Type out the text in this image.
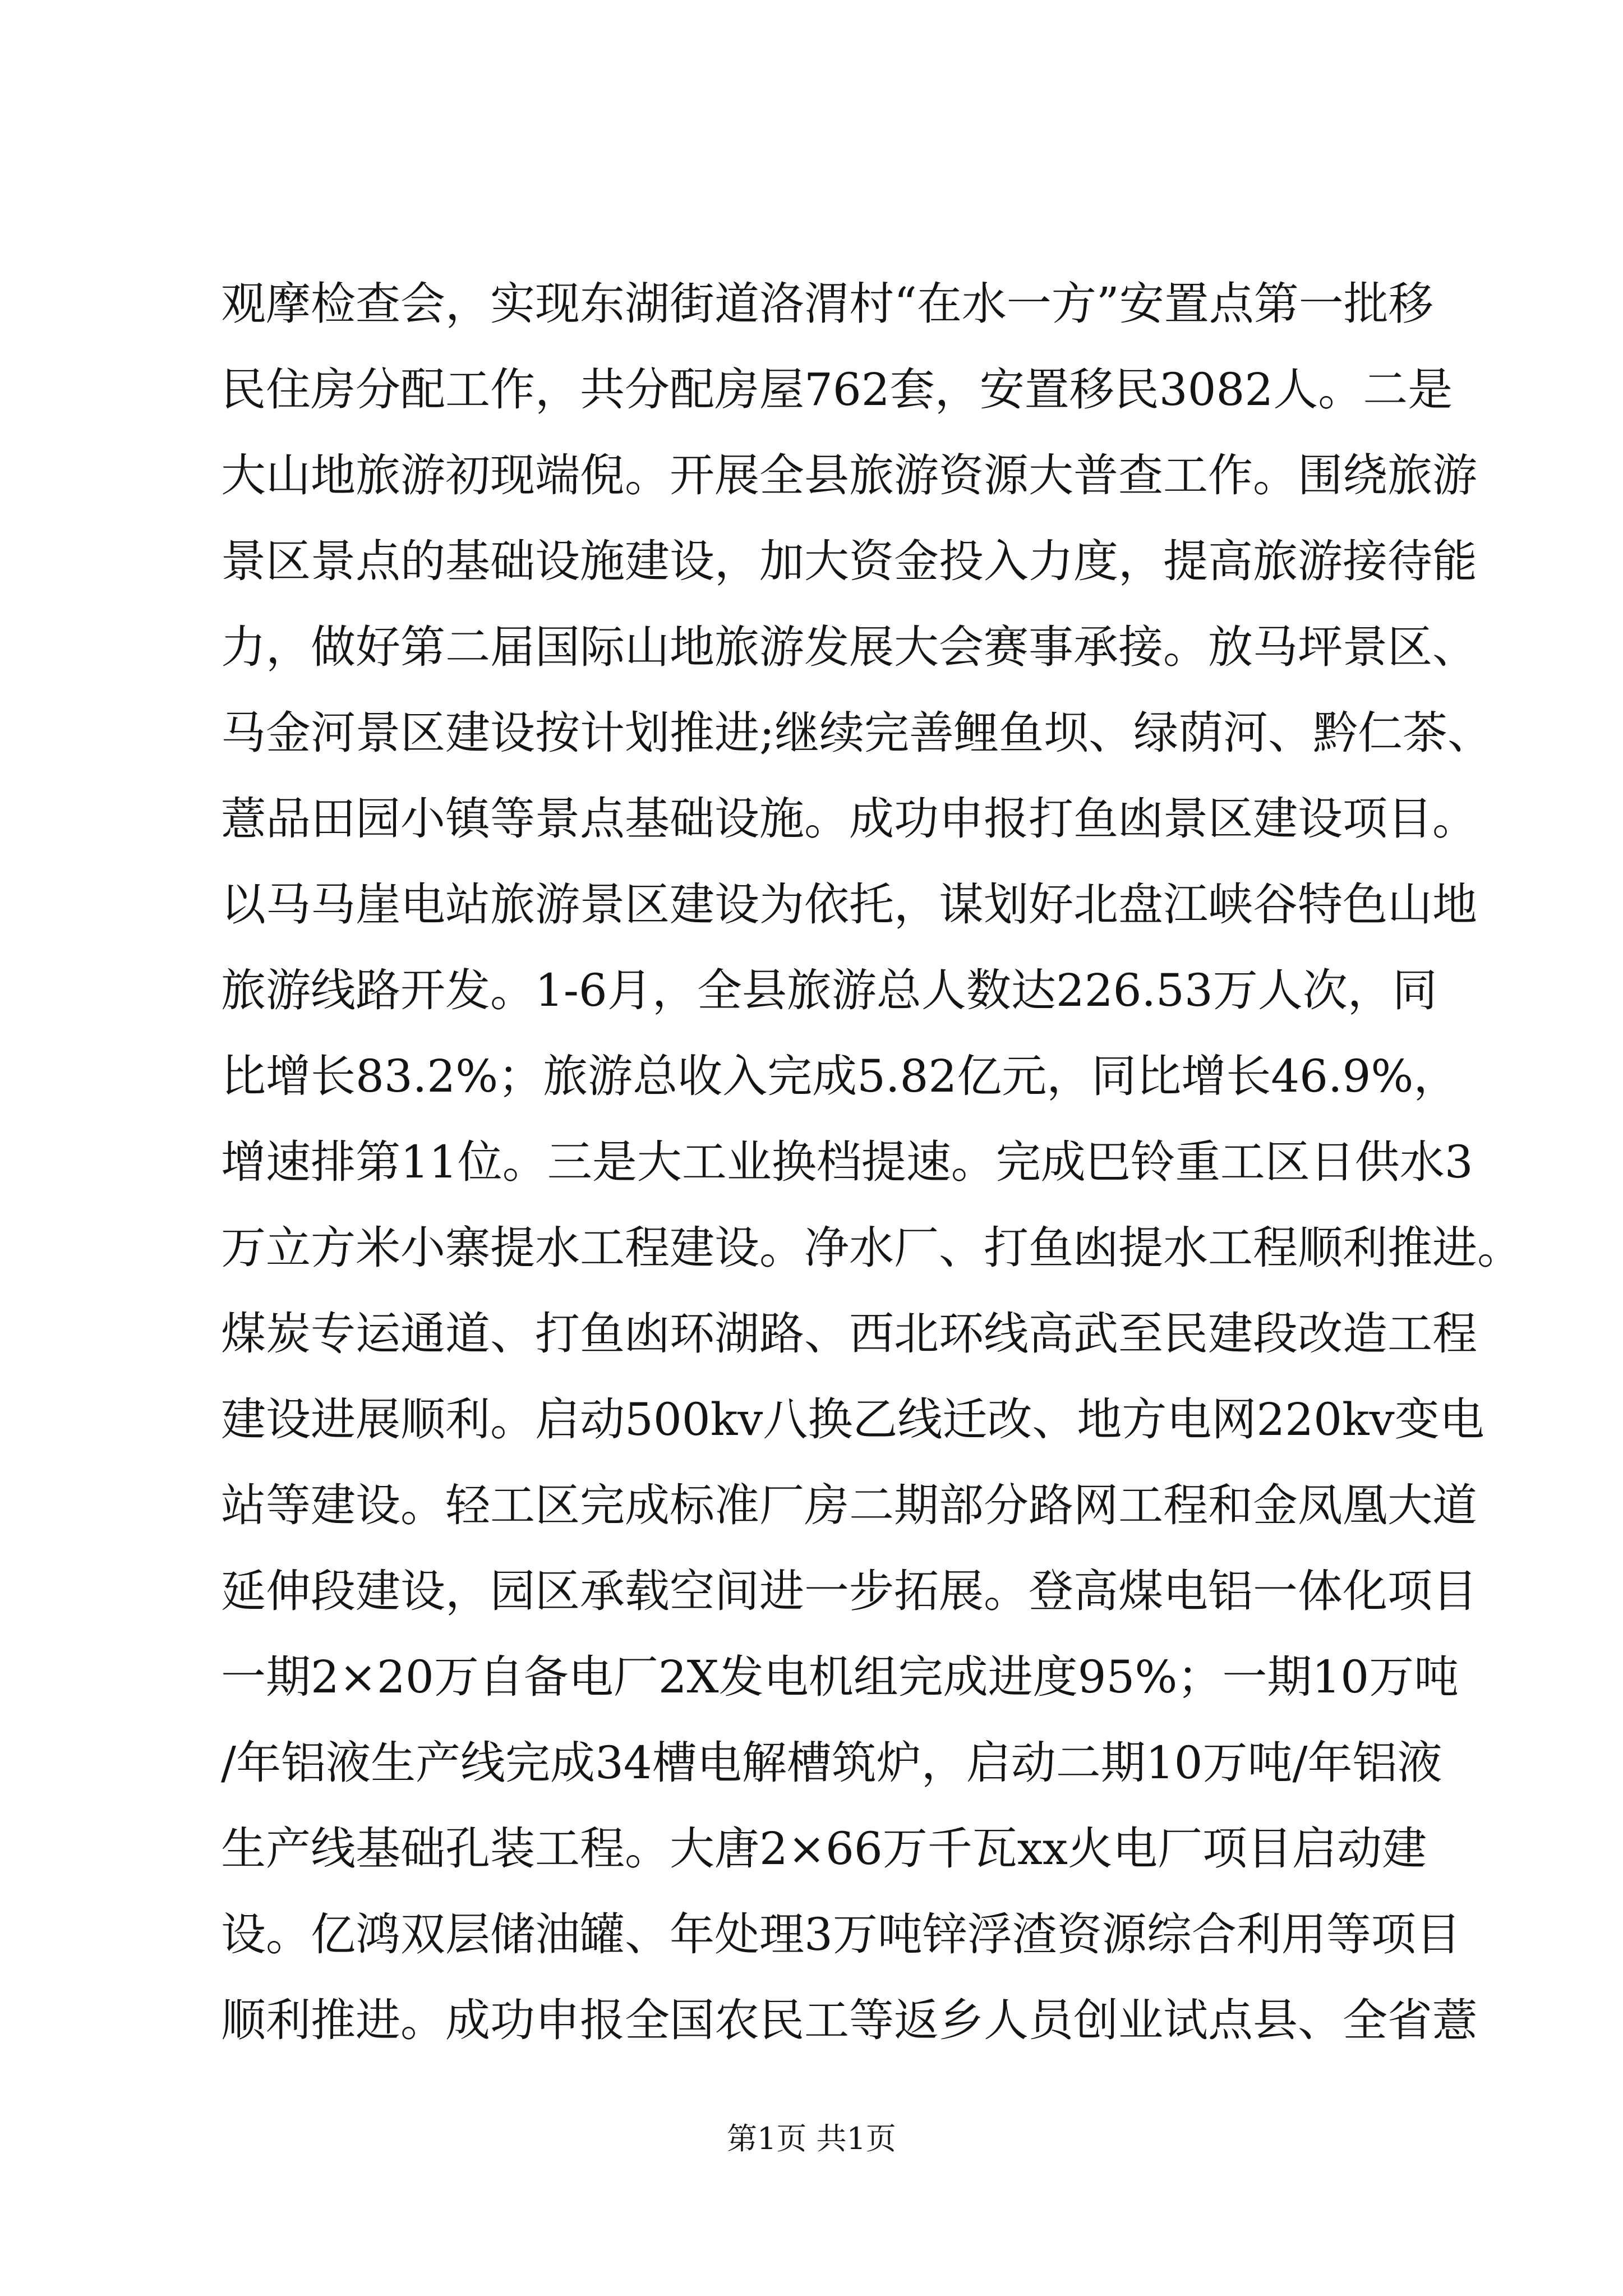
观摩检查会，实现东湖街道洛渭村“在水一方”安置点第一批移
民住房分配工作，共分配房屋762套，安置移民3082人。二是
大山地旅游初现端倪。开展全县旅游资源大普查工作。围绕旅游
景区景点的基础设施建设，加大资金投入力度，提高旅游接待能
力，做好第二届国际山地旅游发展大会赛事承接。放马坪景区、
马金河景区建设按计划推进;继续完善鲤鱼坝、绿荫河、黔仁茶、
薏品田园小镇等景点基础设施。成功申报打鱼凼景区建设项目。
以马马崖电站旅游景区建设为依托，谋划好北盘江峡谷特色山地
旅游线路开发。1-6月，全县旅游总人数达226.53万人次，同
比增长83.2%；旅游总收入完成5.82亿元，同比增长46.9%，
增速排第11位。三是大工业换档提速。完成巴铃重工区日供水3
万立方米小寨提水工程建设。净水厂、打鱼凼提水工程顺利推进。
煤炭专运通道、打鱼凼环湖路、西北环线高武至民建段改造工程
建设进展顺利。启动500kv八换乙线迁改、地方电网220kv变电
站等建设。轻工区完成标准厂房二期部分路网工程和金凤凰大道
延伸段建设，园区承载空间进一步拓展。登高煤电铝一体化项目
一期2×20万自备电厂2X发电机组完成进度95%；一期10万吨
/年铝液生产线完成34槽电解槽筑炉，启动二期10万吨/年铝液
生产线基础孔装工程。大唐2×66万千瓦xx火电厂项目启动建
设。亿鸿双层储油罐、年处理3万吨锌浮渣资源综合利用等项目
顺利推进。成功申报全国农民工等返乡人员创业试点县、全省薏
第1页 共1页
